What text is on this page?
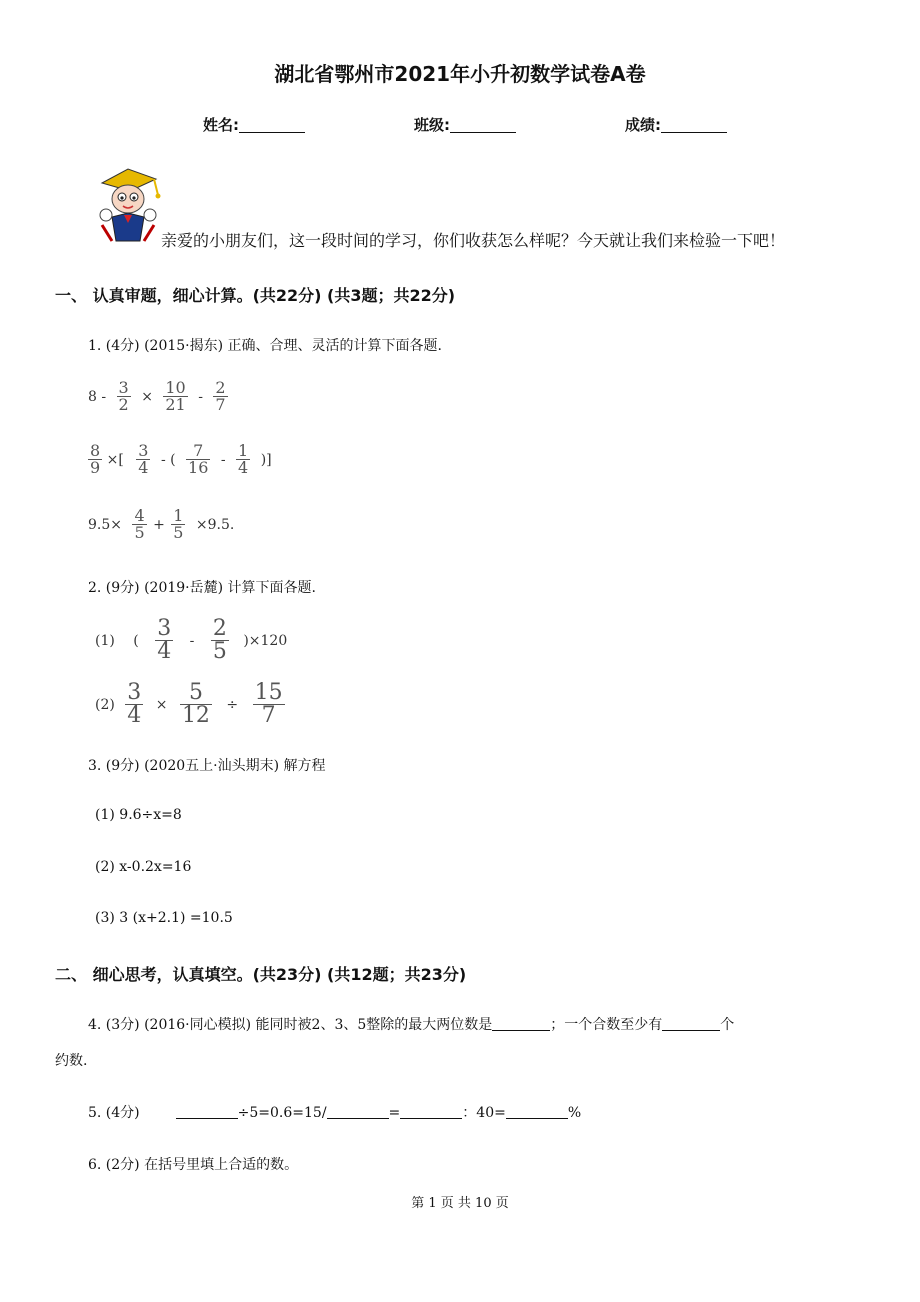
湖北省鄂州市2021年小升初数学试卷A卷
姓名:	班级:	成绩:
亲爱的小朋友们，这一段时间的学习，你们收获怎么样呢？今天就让我们来检验一下吧！
一、 认真审题，细心计算。(共22分) (共3题；共22分)
1. (4分) (2015·揭东) 正确、合理、灵活的计算下面各题.
$8 - \frac{3}{2} \times \frac{10}{21} - \frac{2}{7}$
$\frac{8}{9}$ ×[ $\frac{3}{4}$ - ( $\frac{7}{16} - \frac{1}{4}$ )]
$9.5\times \frac{4}{5} + \frac{1}{5} \times 9.5$.
2. (9分) (2019·岳麓) 计算下面各题.
(1) ( $\frac{3}{4} - \frac{2}{5} )\times 120$
$(2) \frac{3}{4} \times \frac{5}{12} \div \frac{15}{7}$
3. (9分) (2020五上·汕头期末) 解方程
(1) 9.6÷x=8
(2) x-0.2x=16
(3) 3 (x+2.1) =10.5
二、 细心思考，认真填空。(共23分) (共12题；共23分)
4. (3分) (2016·同心模拟) 能同时被2、3、5整除的最大两位数是	；一个合数至少有	个
约数.
5. (4分)	÷5=0.6=15/	=	：40=	%
6. (2分) 在括号里填上合适的数。
第 1 页 共 10 页
